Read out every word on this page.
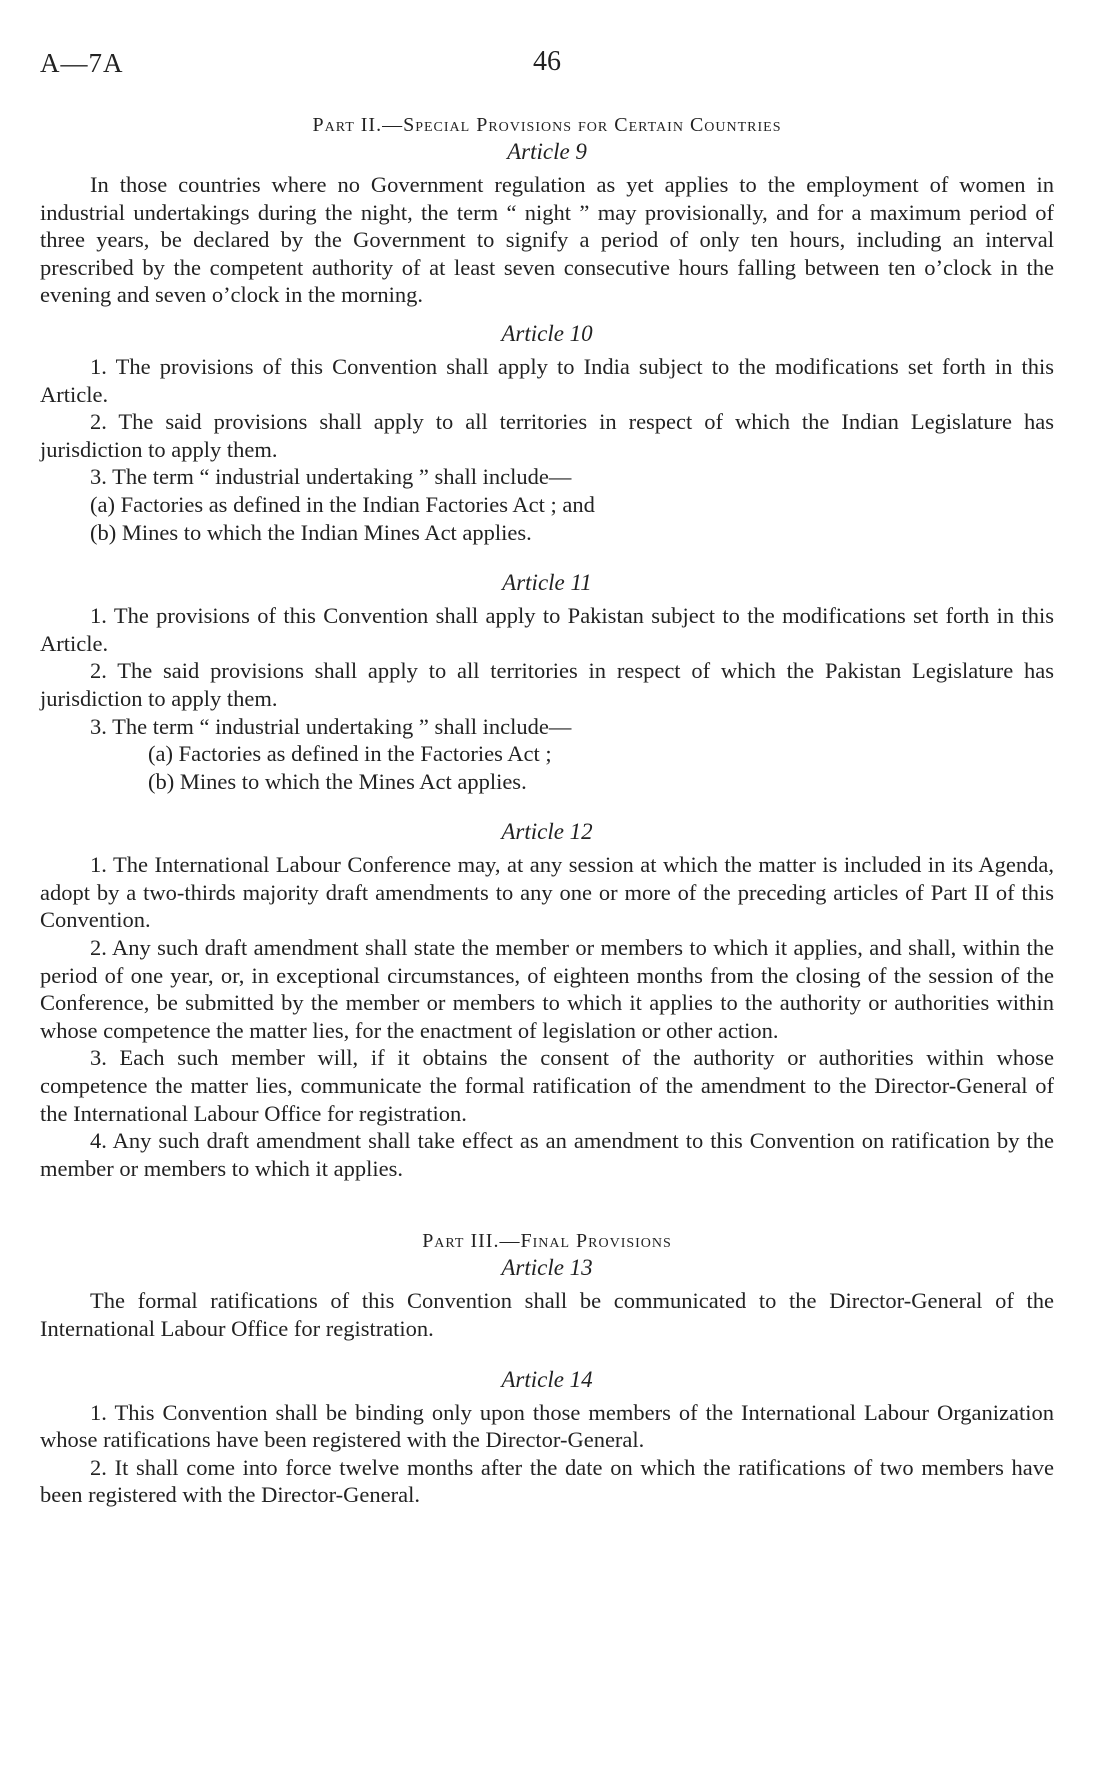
A—7A	46
Part II.—Special Provisions for Certain Countries
Article 9

In those countries where no Government regulation as yet applies to the employment of women in industrial undertakings during the night, the term “ night ” may provisionally, and for a maximum period of three years, be declared by the Government to signify a period of only ten hours, including an interval prescribed by the competent authority of at least seven consecutive hours falling between ten o’clock in the evening and seven o’clock in the morning.

Article 10

1. The provisions of this Convention shall apply to India subject to the modifications set forth in this Article.

2. The said provisions shall apply to all territories in respect of which the Indian Legislature has jurisdiction to apply them.

3. The term “ industrial undertaking ” shall include—

(a) Factories as defined in the Indian Factories Act ; and

(b) Mines to which the Indian Mines Act applies.

Article 11

1. The provisions of this Convention shall apply to Pakistan subject to the modifications set forth in this Article.

2. The said provisions shall apply to all territories in respect of which the Pakistan Legislature has jurisdiction to apply them.

3. The term “ industrial undertaking ” shall include—

(a) Factories as defined in the Factories Act ;

(b) Mines to which the Mines Act applies.

Article 12

1. The International Labour Conference may, at any session at which the matter is included in its Agenda, adopt by a two-thirds majority draft amendments to any one or more of the preceding articles of Part II of this Convention.

2. Any such draft amendment shall state the member or members to which it applies, and shall, within the period of one year, or, in exceptional circumstances, of eighteen months from the closing of the session of the Conference, be submitted by the member or members to which it applies to the authority or authorities within whose competence the matter lies, for the enactment of legislation or other action.

3. Each such member will, if it obtains the consent of the authority or authorities within whose competence the matter lies, communicate the formal ratification of the amendment to the Director-General of the International Labour Office for registration.

4. Any such draft amendment shall take effect as an amendment to this Convention on ratification by the member or members to which it applies.

Part III.—Final Provisions
Article 13

The formal ratifications of this Convention shall be communicated to the Director-General of the International Labour Office for registration.

Article 14

1. This Convention shall be binding only upon those members of the International Labour Organization whose ratifications have been registered with the Director-General.

2. It shall come into force twelve months after the date on which the ratifications of two members have been registered with the Director-General.
